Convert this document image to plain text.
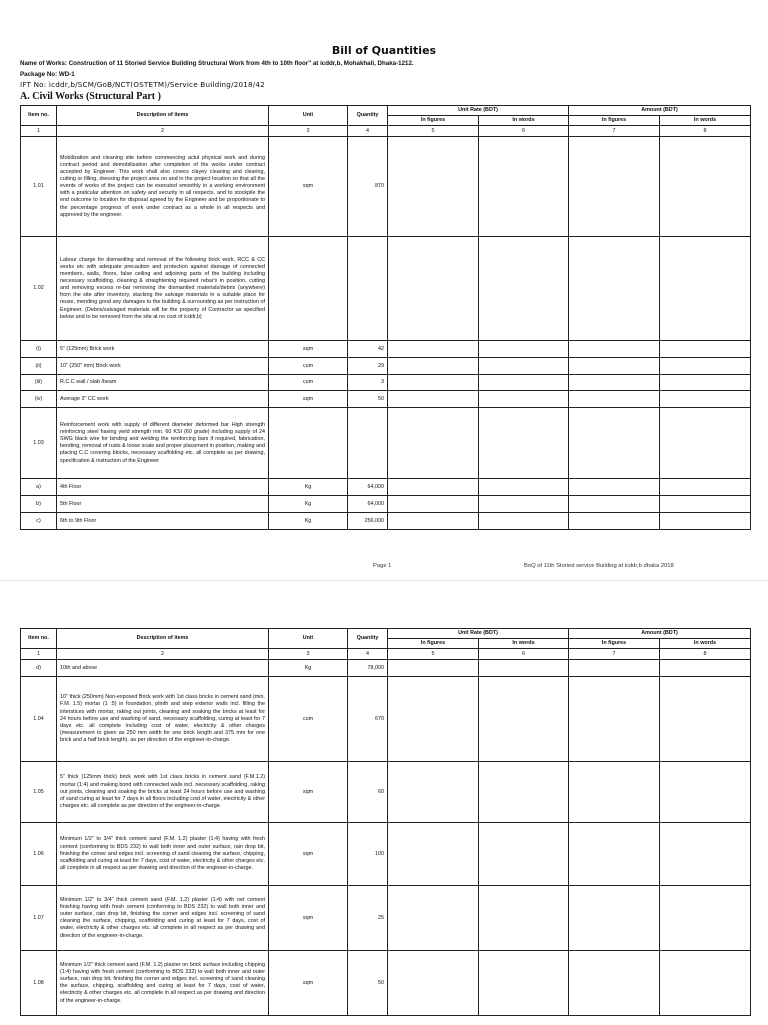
Bill of Quantities
Name of Works: Construction of 11 Storied Service Building Structural Work from 4th to 10th floor" at icddr,b, Mohakhali, Dhaka-1212.
Package No: WD-1
IFT No: icddr,b/SCM/GoB/NCT(OSTETM)/Service Building/2018/42
A. Civil Works (Structural Part )
Item no.	Description of items	Unit	Quantity	Unit Rate (BDT)		Amount (BDT)	
				In figures	In words	In figures	In words
1	2	3	4	5	6	7	8
1.01	Mobilization and cleaning site before commencing actul physical work and during contract period and demobilization after completion of the works under contract accepted by Engineer. This work shall also covers clayey cleaning and clearing, cutting or filling, dressing the project area on and in the project location so that all the events of works of the project can be executed smoothly in a working environment with a praticular attention on safety and security in all respects, and to stockpile the end outcome to location for disposal agreed by the Engineer and be proportionate to the percentage progress of work under contract as a whole in all respects and approved by the engineer.	sqm	870				
1.02	Labour charge for dismantling and removal of the following brick work, RCC & CC works etc with adequate precaution and protection against damage of connected members, walls, floors, false ceiling and adjoining parts of the building including necessary scaffolding, cleaning & straightening required rebar's in position, cutting and removing excess re-bar removing the dismantled materials/debris (anywhere) from the site after inventory, stacking the salvage materials in a suitable place for reuse, mending good any damages to the building & surrounding as per instruction of Engineer. (Debris/salvaged materials will be the property of Contractor as specified below and to be removed from the site at no cost of icddr,b)						
(i)	5" (125mm) Brick work	sqm	42				
(ii)	10" (250" mm) Brick work	cum	29				
(iii)	R.C.C wall / slab /beam	cum	3				
(iv)	Average 3" CC work	sqm	50				
1.03	Reinforcement work with supply of different diameter deformed bar High strength reinforcing steel having yield strength min. 60 KSI (60 grade) including supply of 24 SWG black wire for binding and welding the reinforcing bars if required, fabrication, bending, removal of rusts & loose scale and proper placement in position, making and placing C.C covering blocks, necessary scaffolding etc. all complete as per drawing, specification & instruction of the Engineer						
a)	4th Floor	Kg	64,000				
b)	5th Floor	Kg	64,000				
c)	6th to 9th Floor	Kg	256,000				
Page 1	BoQ of 11th Storied service Building at icddr,b dhaka 2018
Item no.	Description of items	Unit	Quantity	Unit Rate (BDT)		Amount (BDT)	
				In figures	In words	In figures	In words
1	2	3	4	5	6	7	8
d)	10th and above	Kg	78,000				
1.04	10" thick (250mm) Non-exposed Brick work with 1st class bricks in cement sand (min. F.M. 1.5) mortar (1 :5) in foundation, plinth and step exterior walls incl. filling the interstices with mortar, raking out joints, cleaning and soaking the bricks at least for 24 hours before use and washing of sand, necessary scaffolding, curing at least for 7 days etc. all complete including cost of water, electricity & other charges (measurement to given as 250 mm width for one brick length and 375 mm for one brick and a half brick length). as per direction of the engineer-in-charge.	cum	670				
1.05	5" thick (125mm thick) brick work with 1st class bricks in cement sand (F.M.1.2) mortar (1:4) and making bond with connected walls incl. necessary scaffolding, raking out joints, cleaning and soaking the bricks at least 24 hours before use and washing of sand curing at least for 7 days in all floors including cost of water, electricity & other charges etc. all complete as per direction of the engineer-in-charge.	sqm	60				
1.06	Minimum 1/2" to 3/4" thick cement sand (F.M. 1.2) plaster (1:4) having with fresh cement (conforming to BDS 232) to wall both inner and outer surface, rain drop bit, finishing the corner and edges incl. screening of sand cleaning the surface, chipping, scaffolding and curing at least for 7 days, cost of water, electricity & other charges etc. all complete in all respect as per drawing and direction of the engineer-in-charge.	sqm	100				
1.07	Minimum 1/2" to 3/4" thick cement sand (F.M. 1.2) plaster (1:4) with net cement finishing having with fresh cement (conforming to BDS 232) to wall both inner and outer surface, rain drop bit, finishing the corner and edges incl. screening of sand cleaning the surface, chipping, scaffolding and curing at least for 7 days, cost of water, electricity & other charges etc. all complete in all respect as per drawing and direction of the engineer-in-charge.	sqm	25				
1.08	Minimum 1/2" thick cement sand (F.M. 1.2) plaster on brick surface including chipping (1:4) having with fresh cement (conforming to BDS 232) to wall both inner and outer surface, rain drop bit, finishing the corner and edges incl. screening of sand cleaning the surface, chipping, scaffolding and curing at least for 7 days, cost of water, electricity & other charges etc. all complete in all respect as per drawing and direction of the engineer-in-charge.	sqm	50				
